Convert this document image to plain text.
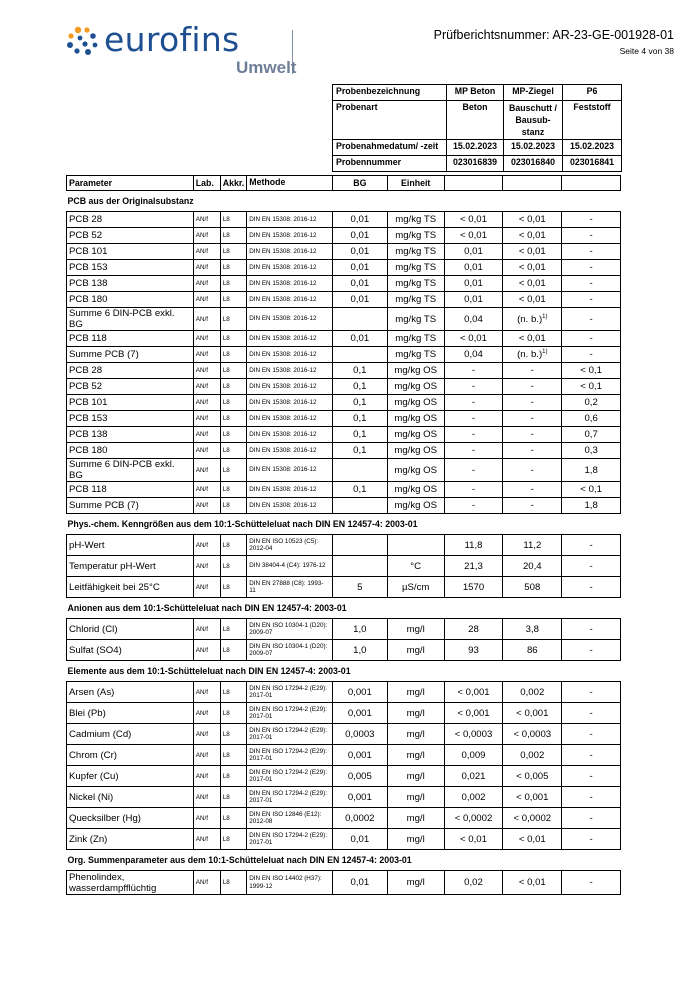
eurofins
Umwelt
Prüfberichtsnummer: AR-23-GE-001928-01
Seite 4 von 38
Probenbezeichnung	MP Beton	MP-Ziegel	P6
Probenart	Beton	Bauschutt / Bausub-stanz	Feststoff
Probenahmedatum/ -zeit	15.02.2023	15.02.2023	15.02.2023
Probennummer	023016839	023016840	023016841
Parameter	Lab.	Akkr.	Methode	BG	Einheit			
PCB aus der Originalsubstanz								
PCB 28	AN/f	L8	DIN EN 15308: 2016-12	0,01	mg/kg TS	< 0,01	< 0,01	-
PCB 52	AN/f	L8	DIN EN 15308: 2016-12	0,01	mg/kg TS	< 0,01	< 0,01	-
PCB 101	AN/f	L8	DIN EN 15308: 2016-12	0,01	mg/kg TS	0,01	< 0,01	-
PCB 153	AN/f	L8	DIN EN 15308: 2016-12	0,01	mg/kg TS	0,01	< 0,01	-
PCB 138	AN/f	L8	DIN EN 15308: 2016-12	0,01	mg/kg TS	0,01	< 0,01	-
PCB 180	AN/f	L8	DIN EN 15308: 2016-12	0,01	mg/kg TS	0,01	< 0,01	-
Summe 6 DIN-PCB exkl. BG	AN/f	L8	DIN EN 15308: 2016-12		mg/kg TS	0,04	(n. b.)$^{1)}$	-
PCB 118	AN/f	L8	DIN EN 15308: 2016-12	0,01	mg/kg TS	< 0,01	< 0,01	-
Summe PCB (7)	AN/f	L8	DIN EN 15308: 2016-12		mg/kg TS	0,04	(n. b.)$^{1)}$	-
PCB 28	AN/f	L8	DIN EN 15308: 2016-12	0,1	mg/kg OS	-	-	< 0,1
PCB 52	AN/f	L8	DIN EN 15308: 2016-12	0,1	mg/kg OS	-	-	< 0,1
PCB 101	AN/f	L8	DIN EN 15308: 2016-12	0,1	mg/kg OS	-	-	0,2
PCB 153	AN/f	L8	DIN EN 15308: 2016-12	0,1	mg/kg OS	-	-	0,6
PCB 138	AN/f	L8	DIN EN 15308: 2016-12	0,1	mg/kg OS	-	-	0,7
PCB 180	AN/f	L8	DIN EN 15308: 2016-12	0,1	mg/kg OS	-	-	0,3
Summe 6 DIN-PCB exkl. BG	AN/f	L8	DIN EN 15308: 2016-12		mg/kg OS	-	-	1,8
PCB 118	AN/f	L8	DIN EN 15308: 2016-12	0,1	mg/kg OS	-	-	< 0,1
Summe PCB (7)	AN/f	L8	DIN EN 15308: 2016-12		mg/kg OS	-	-	1,8
Phys.-chem. Kenngrößen aus dem 10:1-Schütteleluat nach DIN EN 12457-4: 2003-01								
pH-Wert	AN/f	L8	DIN EN ISO 10523 (C5): 2012-04			11,8	11,2	-
Temperatur pH-Wert	AN/f	L8	DIN 38404-4 (C4): 1976-12		°C	21,3	20,4	-
Leitfähigkeit bei 25°C	AN/f	L8	DIN EN 27888 (C8): 1993-11	5	µS/cm	1570	508	-
Anionen aus dem 10:1-Schütteleluat nach DIN EN 12457-4: 2003-01								
Chlorid (Cl)	AN/f	L8	DIN EN ISO 10304-1 (D20): 2009-07	1,0	mg/l	28	3,8	-
Sulfat (SO4)	AN/f	L8	DIN EN ISO 10304-1 (D20): 2009-07	1,0	mg/l	93	86	-
Elemente aus dem 10:1-Schütteleluat nach DIN EN 12457-4: 2003-01								
Arsen (As)	AN/f	L8	DIN EN ISO 17294-2 (E29): 2017-01	0,001	mg/l	< 0,001	0,002	-
Blei (Pb)	AN/f	L8	DIN EN ISO 17294-2 (E29): 2017-01	0,001	mg/l	< 0,001	< 0,001	-
Cadmium (Cd)	AN/f	L8	DIN EN ISO 17294-2 (E29): 2017-01	0,0003	mg/l	< 0,0003	< 0,0003	-
Chrom (Cr)	AN/f	L8	DIN EN ISO 17294-2 (E29): 2017-01	0,001	mg/l	0,009	0,002	-
Kupfer (Cu)	AN/f	L8	DIN EN ISO 17294-2 (E29): 2017-01	0,005	mg/l	0,021	< 0,005	-
Nickel (Ni)	AN/f	L8	DIN EN ISO 17294-2 (E29): 2017-01	0,001	mg/l	0,002	< 0,001	-
Quecksilber (Hg)	AN/f	L8	DIN EN ISO 12846 (E12): 2012-08	0,0002	mg/l	< 0,0002	< 0,0002	-
Zink (Zn)	AN/f	L8	DIN EN ISO 17294-2 (E29): 2017-01	0,01	mg/l	< 0,01	< 0,01	-
Org. Summenparameter aus dem 10:1-Schütteleluat nach DIN EN 12457-4: 2003-01								
Phenolindex, wasserdampfflüchtig	AN/f	L8	DIN EN ISO 14402 (H37): 1999-12	0,01	mg/l	0,02	< 0,01	-
